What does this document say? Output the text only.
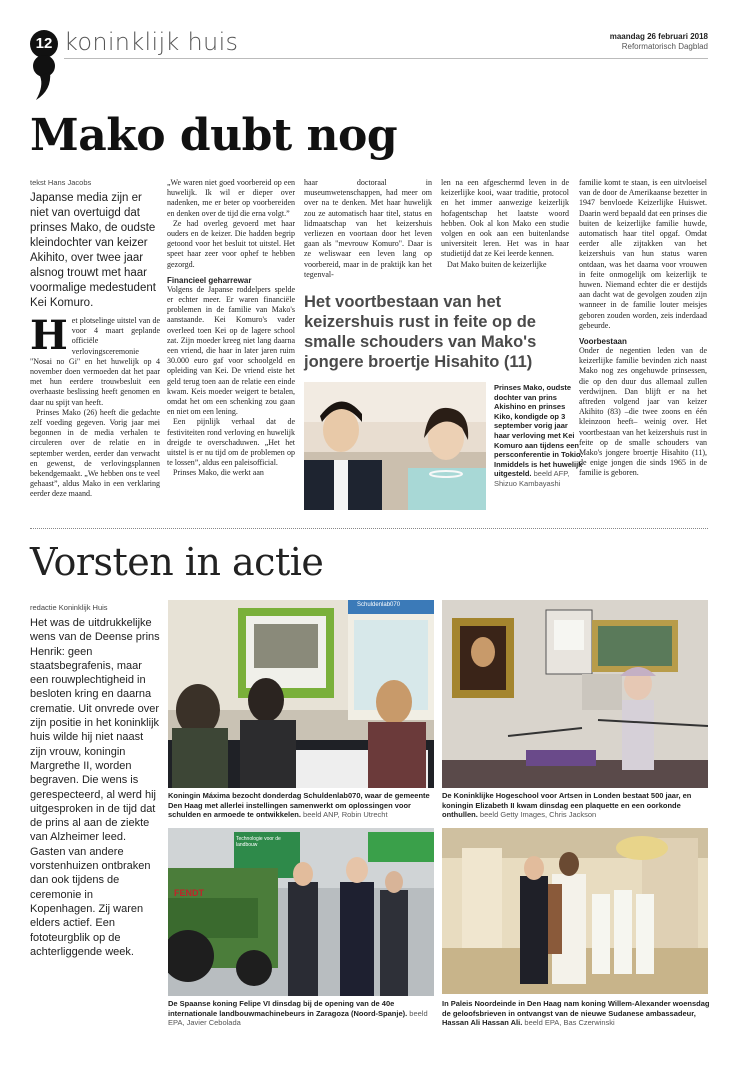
12 koninklijk huis	maandag 26 februari 2018
Reformatorisch Dagblad
Mako dubt nog
tekst Hans Jacobs
Japanse media zijn er niet van overtuigd dat prinses Mako, de oudste kleindochter van keizer Akihito, over twee jaar alsnog trouwt met haar voormalige medestudent Kei Komuro.
H et plotselinge uitstel van de voor 4 maart geplande officiële verlovingsceremonie "Nosai no Gi" en het huwelijk op 4 november doen vermoeden dat het paar met hun eerdere trouwbesluit een overhaaste beslissing heeft genomen en daar nu spijt van heeft.

Prinses Mako (26) heeft die gedachte zelf voeding gegeven. Vorig jaar mei begonnen in de media verhalen te circuleren over de relatie en in september werden, eerder dan verwacht en gewenst, de verlovingsplannen bekendgemaakt. „We hebben ons te veel gehaast”, aldus Mako in een verklaring eerder deze maand.

„We waren niet goed voorbereid op een huwelijk. Ik wil er dieper over nadenken, me er beter op voorbereiden en denken over de tijd die erna volgt.”

Ze had overleg gevoerd met haar ouders en de keizer. Die hadden begrip getoond voor het besluit tot uitstel. Het speet haar zeer voor ophef te hebben gezorgd.

Financieel geharrewar

Volgens de Japanse roddelpers spelde er echter meer. Er waren financiële problemen in de familie van Mako's aanstaande. Kei Komuro's vader overleed toen Kei op de lagere school zat. Zijn moeder kreeg niet lang daarna een vriend, die haar in later jaren ruim 30.000 euro gaf voor schoolgeld en opleiding van Kei. De vriend eiste het geld terug toen aan de relatie een einde kwam. Keis moeder weigert te betalen, omdat het om een schenking zou gaan en niet om een lening.

Een pijnlijk verhaal dat de festiviteiten rond verloving en huwelijk dreigde te overschaduwen. „Het het uitstel is er nu tijd om de problemen op te lossen”, aldus een paleisofficial.

Prinses Mako, die werkt aan

haar doctoraal in museumwetenschappen, had meer om over na te denken. Met haar huwelijk zou ze automatisch haar titel, status en lidmaatschap van het keizershuis verliezen en voortaan door het leven gaan als "mevrouw Komuro". Daar is ze weliswaar een leven lang op voorbereid, maar in de praktijk kan het tegenval-

len na een afgeschermd leven in de keizerlijke kooi, waar traditie, protocol en het immer aanwezige keizerlijk hofagentschap het laatste woord hebben. Ook al kon Mako een studie volgen en ook aan een buitenlandse universiteit leren. Het was in haar studietijd dat ze Kei leerde kennen.

Dat Mako buiten de keizerlijke

familie komt te staan, is een uitvloeisel van de door de Amerikaanse bezetter in 1947 benvloede Keizerlijke Huiswet. Daarin werd bepaald dat een prinses die buiten de keizerlijke familie huwde, automatisch haar titel opgaf. Omdat eerder alle zijtakken van het keizershuis van hun status waren ontdaan, was het daarna voor vrouwen in feite onmogelijk om keizerlijk te huwen. Niemand echter die er destijds aan dacht wat de gevolgen zouden zijn wanneer in de familie louter meisjes geboren zouden worden, zeis inderdaad gebeurde.

Voorbestaan

Onder de negentien leden van de keizerlijke familie bevinden zich naast Mako nog zes ongehuwde prinsessen, die op den duur dus allemaal zullen verdwijnen. Dan blijft er na het aftreden volgend jaar van keizer Akihito (83) –die twee zoons en één kleinzoon heeft– weinig over. Het voortbestaan van het keizershuis rust in feite op de smalle schouders van Mako's jongere broertje Hisahito (11), de enige jongen die sinds 1965 in de familie is geboren.

Het voortbestaan van het keizershuis rust in feite op de smalle schouders van Mako's jongere broertje Hisahito (11)
Prinses Mako, oudste dochter van prins Akishino en prinses Kiko, kondigde op 3 september vorig jaar haar verloving met Kei Komuro aan tijdens een persconferentie in Tokio. Inmiddels is het huwelijk uitgesteld. beeld AFP, Shizuo Kambayashi
Vorsten in actie
redactie Koninklijk Huis
Het was de uitdrukkelijke wens van de Deense prins Henrik: geen staatsbegrafenis, maar een rouwplechtigheid in besloten kring en daarna crematie. Uit onvrede over zijn positie in het koninklijk huis wilde hij niet naast zijn vrouw, koningin Margrethe II, worden begraven. Die wens is gerespecteerd, al werd hij uitgesproken in de tijd dat de prins al aan de ziekte van Alzheimer leed. Gasten van andere vorstenhuizen ontbraken dan ook tijdens de ceremonie in Kopenhagen. Zij waren elders actief. Een fototeurgblik op de achterliggende week.
Schuldenlab070
Koningin Máxima bezocht donderdag Schuldenlab070, waar de gemeente Den Haag met allerlei instellingen samenwerkt om oplossingen voor schulden en armoede te ontwikkelen. beeld ANP, Robin Utrecht
De Koninklijke Hogeschool voor Artsen in Londen bestaat 500 jaar, en koningin Elizabeth II kwam dinsdag een plaquette en een oorkonde onthullen. beeld Getty Images, Chris Jackson
FENDT
Technologie voor de landbouw
De Spaanse koning Felipe VI dinsdag bij de opening van de 40e internationale landbouwmachinebeurs in Zaragoza (Noord-Spanje). beeld EPA, Javier Cebolada
In Paleis Noordeinde in Den Haag nam koning Willem-Alexander woensdag de geloofsbrieven in ontvangst van de nieuwe Sudanese ambassadeur, Hassan Ali Hassan Ali. beeld EPA, Bas Czerwinski
